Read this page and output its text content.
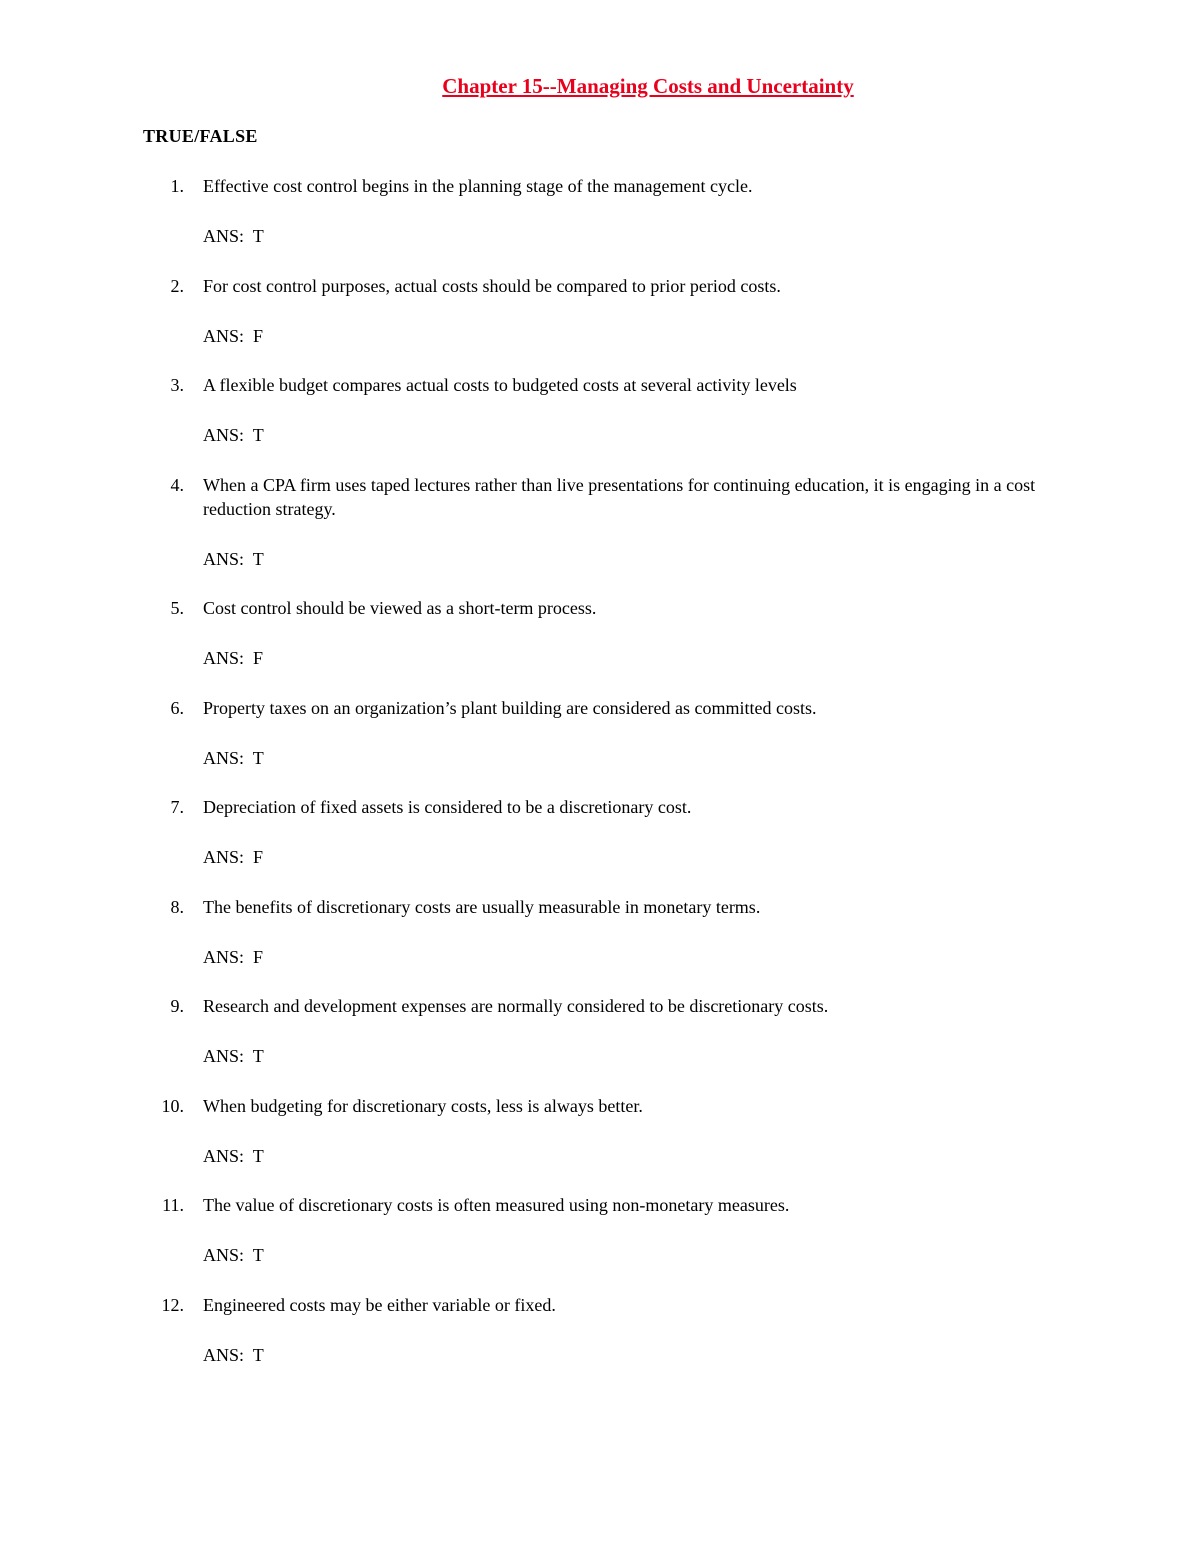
Chapter 15--Managing Costs and Uncertainty
TRUE/FALSE
1. Effective cost control begins in the planning stage of the management cycle.

ANS:  T

2. For cost control purposes, actual costs should be compared to prior period costs.

ANS:  F

3. A flexible budget compares actual costs to budgeted costs at several activity levels

ANS:  T

4. When a CPA firm uses taped lectures rather than live presentations for continuing education, it is engaging in a cost reduction strategy.

ANS:  T

5. Cost control should be viewed as a short-term process.

ANS:  F

6. Property taxes on an organization’s plant building are considered as committed costs.

ANS:  T

7. Depreciation of fixed assets is considered to be a discretionary cost.

ANS:  F

8. The benefits of discretionary costs are usually measurable in monetary terms.

ANS:  F

9. Research and development expenses are normally considered to be discretionary costs.

ANS:  T

10. When budgeting for discretionary costs, less is always better.

ANS:  T

11. The value of discretionary costs is often measured using non-monetary measures.

ANS:  T

12. Engineered costs may be either variable or fixed.

ANS:  T
